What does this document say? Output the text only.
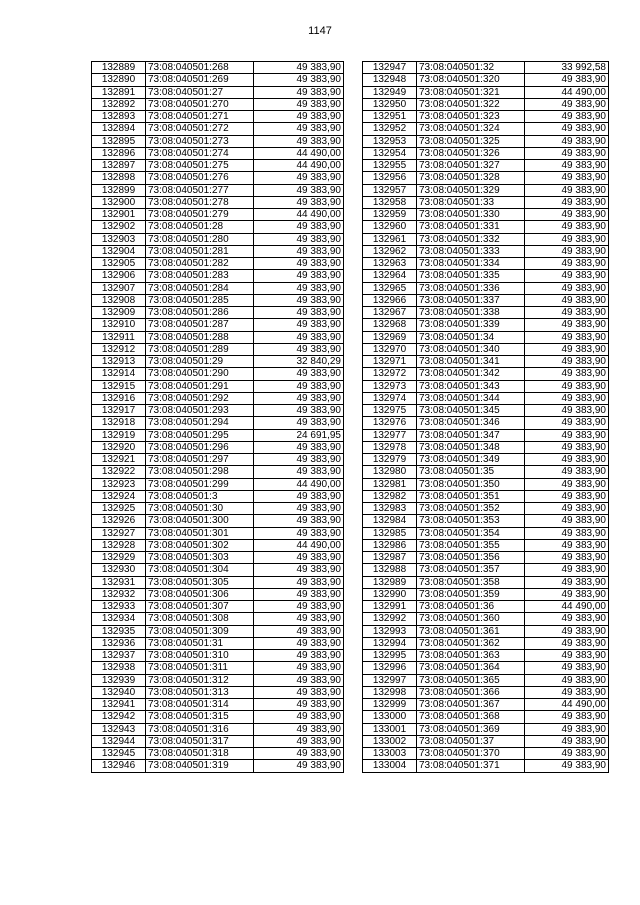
1147
132889	73:08:040501:268	49 383,90
132890	73:08:040501:269	49 383,90
132891	73:08:040501:27	49 383,90
132892	73:08:040501:270	49 383,90
132893	73:08:040501:271	49 383,90
132894	73:08:040501:272	49 383,90
132895	73:08:040501:273	49 383,90
132896	73:08:040501:274	44 490,00
132897	73:08:040501:275	44 490,00
132898	73:08:040501:276	49 383,90
132899	73:08:040501:277	49 383,90
132900	73:08:040501:278	49 383,90
132901	73:08:040501:279	44 490,00
132902	73:08:040501:28	49 383,90
132903	73:08:040501:280	49 383,90
132904	73:08:040501:281	49 383,90
132905	73:08:040501:282	49 383,90
132906	73:08:040501:283	49 383,90
132907	73:08:040501:284	49 383,90
132908	73:08:040501:285	49 383,90
132909	73:08:040501:286	49 383,90
132910	73:08:040501:287	49 383,90
132911	73:08:040501:288	49 383,90
132912	73:08:040501:289	49 383,90
132913	73:08:040501:29	32 840,29
132914	73:08:040501:290	49 383,90
132915	73:08:040501:291	49 383,90
132916	73:08:040501:292	49 383,90
132917	73:08:040501:293	49 383,90
132918	73:08:040501:294	49 383,90
132919	73:08:040501:295	24 691,95
132920	73:08:040501:296	49 383,90
132921	73:08:040501:297	49 383,90
132922	73:08:040501:298	49 383,90
132923	73:08:040501:299	44 490,00
132924	73:08:040501:3	49 383,90
132925	73:08:040501:30	49 383,90
132926	73:08:040501:300	49 383,90
132927	73:08:040501:301	49 383,90
132928	73:08:040501:302	44 490,00
132929	73:08:040501:303	49 383,90
132930	73:08:040501:304	49 383,90
132931	73:08:040501:305	49 383,90
132932	73:08:040501:306	49 383,90
132933	73:08:040501:307	49 383,90
132934	73:08:040501:308	49 383,90
132935	73:08:040501:309	49 383,90
132936	73:08:040501:31	49 383,90
132937	73:08:040501:310	49 383,90
132938	73:08:040501:311	49 383,90
132939	73:08:040501:312	49 383,90
132940	73:08:040501:313	49 383,90
132941	73:08:040501:314	49 383,90
132942	73:08:040501:315	49 383,90
132943	73:08:040501:316	49 383,90
132944	73:08:040501:317	49 383,90
132945	73:08:040501:318	49 383,90
132946	73:08:040501:319	49 383,90
132947	73:08:040501:32	33 992,58
132948	73:08:040501:320	49 383,90
132949	73:08:040501:321	44 490,00
132950	73:08:040501:322	49 383,90
132951	73:08:040501:323	49 383,90
132952	73:08:040501:324	49 383,90
132953	73:08:040501:325	49 383,90
132954	73:08:040501:326	49 383,90
132955	73:08:040501:327	49 383,90
132956	73:08:040501:328	49 383,90
132957	73:08:040501:329	49 383,90
132958	73:08:040501:33	49 383,90
132959	73:08:040501:330	49 383,90
132960	73:08:040501:331	49 383,90
132961	73:08:040501:332	49 383,90
132962	73:08:040501:333	49 383,90
132963	73:08:040501:334	49 383,90
132964	73:08:040501:335	49 383,90
132965	73:08:040501:336	49 383,90
132966	73:08:040501:337	49 383,90
132967	73:08:040501:338	49 383,90
132968	73:08:040501:339	49 383,90
132969	73:08:040501:34	49 383,90
132970	73:08:040501:340	49 383,90
132971	73:08:040501:341	49 383,90
132972	73:08:040501:342	49 383,90
132973	73:08:040501:343	49 383,90
132974	73:08:040501:344	49 383,90
132975	73:08:040501:345	49 383,90
132976	73:08:040501:346	49 383,90
132977	73:08:040501:347	49 383,90
132978	73:08:040501:348	49 383,90
132979	73:08:040501:349	49 383,90
132980	73:08:040501:35	49 383,90
132981	73:08:040501:350	49 383,90
132982	73:08:040501:351	49 383,90
132983	73:08:040501:352	49 383,90
132984	73:08:040501:353	49 383,90
132985	73:08:040501:354	49 383,90
132986	73:08:040501:355	49 383,90
132987	73:08:040501:356	49 383,90
132988	73:08:040501:357	49 383,90
132989	73:08:040501:358	49 383,90
132990	73:08:040501:359	49 383,90
132991	73:08:040501:36	44 490,00
132992	73:08:040501:360	49 383,90
132993	73:08:040501:361	49 383,90
132994	73:08:040501:362	49 383,90
132995	73:08:040501:363	49 383,90
132996	73:08:040501:364	49 383,90
132997	73:08:040501:365	49 383,90
132998	73:08:040501:366	49 383,90
132999	73:08:040501:367	44 490,00
133000	73:08:040501:368	49 383,90
133001	73:08:040501:369	49 383,90
133002	73:08:040501:37	49 383,90
133003	73:08:040501:370	49 383,90
133004	73:08:040501:371	49 383,90
